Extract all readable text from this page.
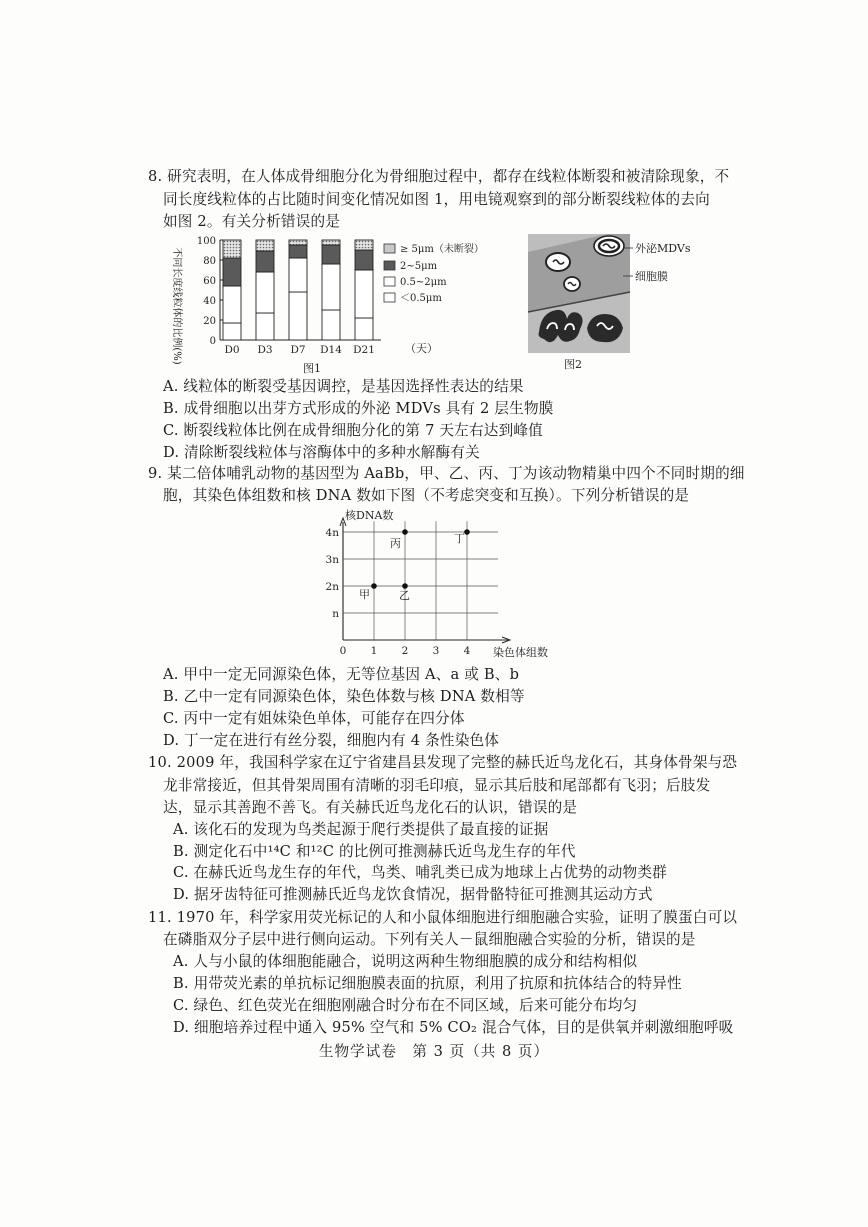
8. 研究表明，在人体成骨细胞分化为骨细胞过程中，都存在线粒体断裂和被清除现象，不
同长度线粒体的占比随时间变化情况如图 1，用电镜观察到的部分断裂线粒体的去向
如图 2。有关分析错误的是
不同长度线粒体的比例(%)	0
20
40
60
80
100
D0 D3 D7 D14 D21	（天）
≥ 5μm（未断裂）
2~5μm
0.5~2μm
＜0.5μm
图1
外泌MDVs
细胞膜
图2
A. 线粒体的断裂受基因调控，是基因选择性表达的结果
B. 成骨细胞以出芽方式形成的外泌 MDVs 具有 2 层生物膜
C. 断裂线粒体比例在成骨细胞分化的第 7 天左右达到峰值
D. 清除断裂线粒体与溶酶体中的多种水解酶有关
9. 某二倍体哺乳动物的基因型为 AaBb，甲、乙、丙、丁为该动物精巢中四个不同时期的细
胞，其染色体组数和核 DNA 数如下图（不考虑突变和互换）。下列分析错误的是
核DNA数
n
2n
3n
4n
0 1 2 3 4
甲	乙
丙	丁
染色体组数
A. 甲中一定无同源染色体，无等位基因 A、a 或 B、b
B. 乙中一定有同源染色体，染色体数与核 DNA 数相等
C. 丙中一定有姐妹染色单体，可能存在四分体
D. 丁一定在进行有丝分裂，细胞内有 4 条性染色体
10. 2009 年，我国科学家在辽宁省建昌县发现了完整的赫氏近鸟龙化石，其身体骨架与恐
龙非常接近，但其骨架周围有清晰的羽毛印痕，显示其后肢和尾部都有飞羽；后肢发
达，显示其善跑不善飞。有关赫氏近鸟龙化石的认识，错误的是
A. 该化石的发现为鸟类起源于爬行类提供了最直接的证据
B. 测定化石中¹⁴C 和¹²C 的比例可推测赫氏近鸟龙生存的年代
C. 在赫氏近鸟龙生存的年代，鸟类、哺乳类已成为地球上占优势的动物类群
D. 据牙齿特征可推测赫氏近鸟龙饮食情况，据骨骼特征可推测其运动方式
11. 1970 年，科学家用荧光标记的人和小鼠体细胞进行细胞融合实验，证明了膜蛋白可以
在磷脂双分子层中进行侧向运动。下列有关人－鼠细胞融合实验的分析，错误的是
A. 人与小鼠的体细胞能融合，说明这两种生物细胞膜的成分和结构相似
B. 用带荧光素的单抗标记细胞膜表面的抗原，利用了抗原和抗体结合的特异性
C. 绿色、红色荧光在细胞刚融合时分布在不同区域，后来可能分布均匀
D. 细胞培养过程中通入 95% 空气和 5% CO₂ 混合气体，目的是供氧并刺激细胞呼吸
生物学试卷　第 3 页（共 8 页）
